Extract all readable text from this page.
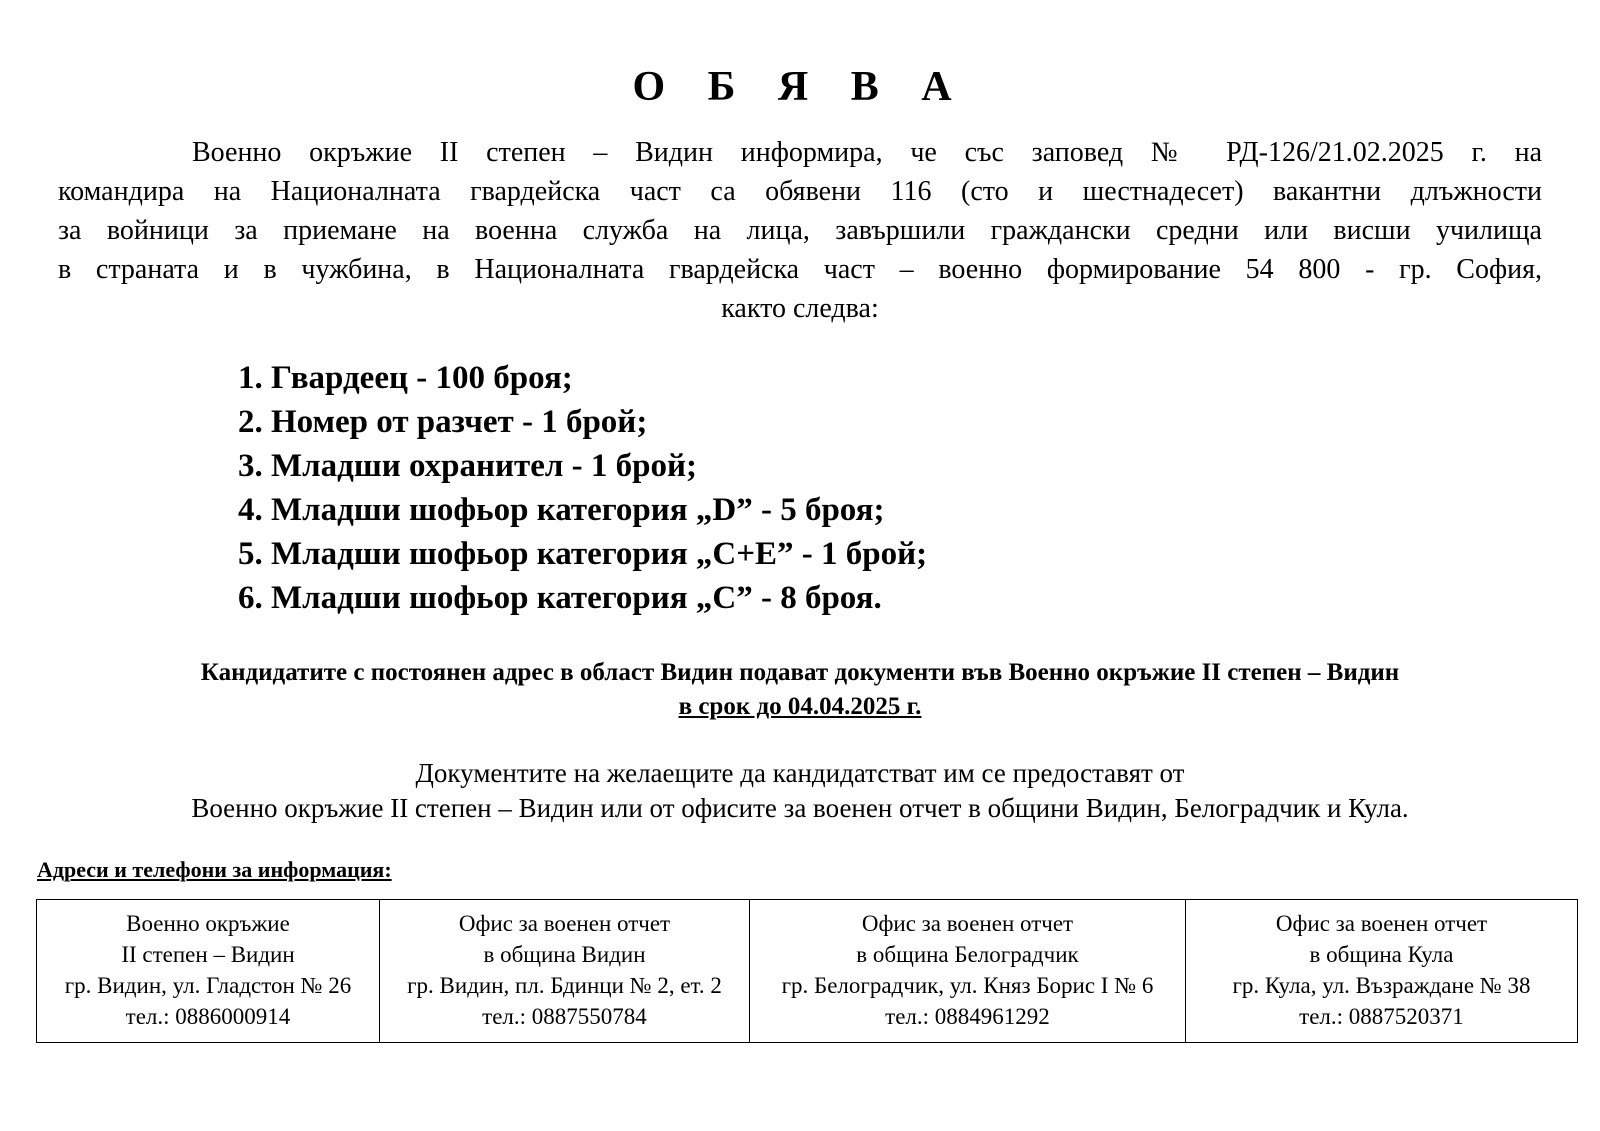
О Б Я В А
Военно окръжие II степен – Видин информира, че със заповед № РД-126/21.02.2025 г. на
командира на Националната гвардейска част са обявени 116 (сто и шестнадесет) вакантни длъжности
за войници за приемане на военна служба на лица, завършили граждански средни или висши училища
в страната и в чужбина, в Националната гвардейска част – военно формирование 54 800 - гр. София,
както следва:
1. Гвардеец - 100 броя;
2. Номер от разчет - 1 брой;
3. Младши охранител - 1 брой;
4. Младши шофьор категория „D” - 5 броя;
5. Младши шофьор категория „C+E” - 1 брой;
6. Младши шофьор категория „C” - 8 броя.
Кандидатите с постоянен адрес в област Видин подават документи във Военно окръжие II степен – Видин
в срок до 04.04.2025 г.
Документите на желаещите да кандидатстват им се предоставят от
Военно окръжие II степен – Видин или от офисите за военен отчет в общини Видин, Белоградчик и Кула.
Адреси и телефони за информация:
Военно окръжие
II степен – Видин
гр. Видин, ул. Гладстон № 26
тел.: 0886000914

Офис за военен отчет
в община Видин
гр. Видин, пл. Бдинци № 2, ет. 2
тел.: 0887550784

Офис за военен отчет
в община Белоградчик
гр. Белоградчик, ул. Княз Борис I № 6
тел.: 0884961292

Офис за военен отчет
в община Кула
гр. Кула, ул. Възраждане № 38
тел.: 0887520371
